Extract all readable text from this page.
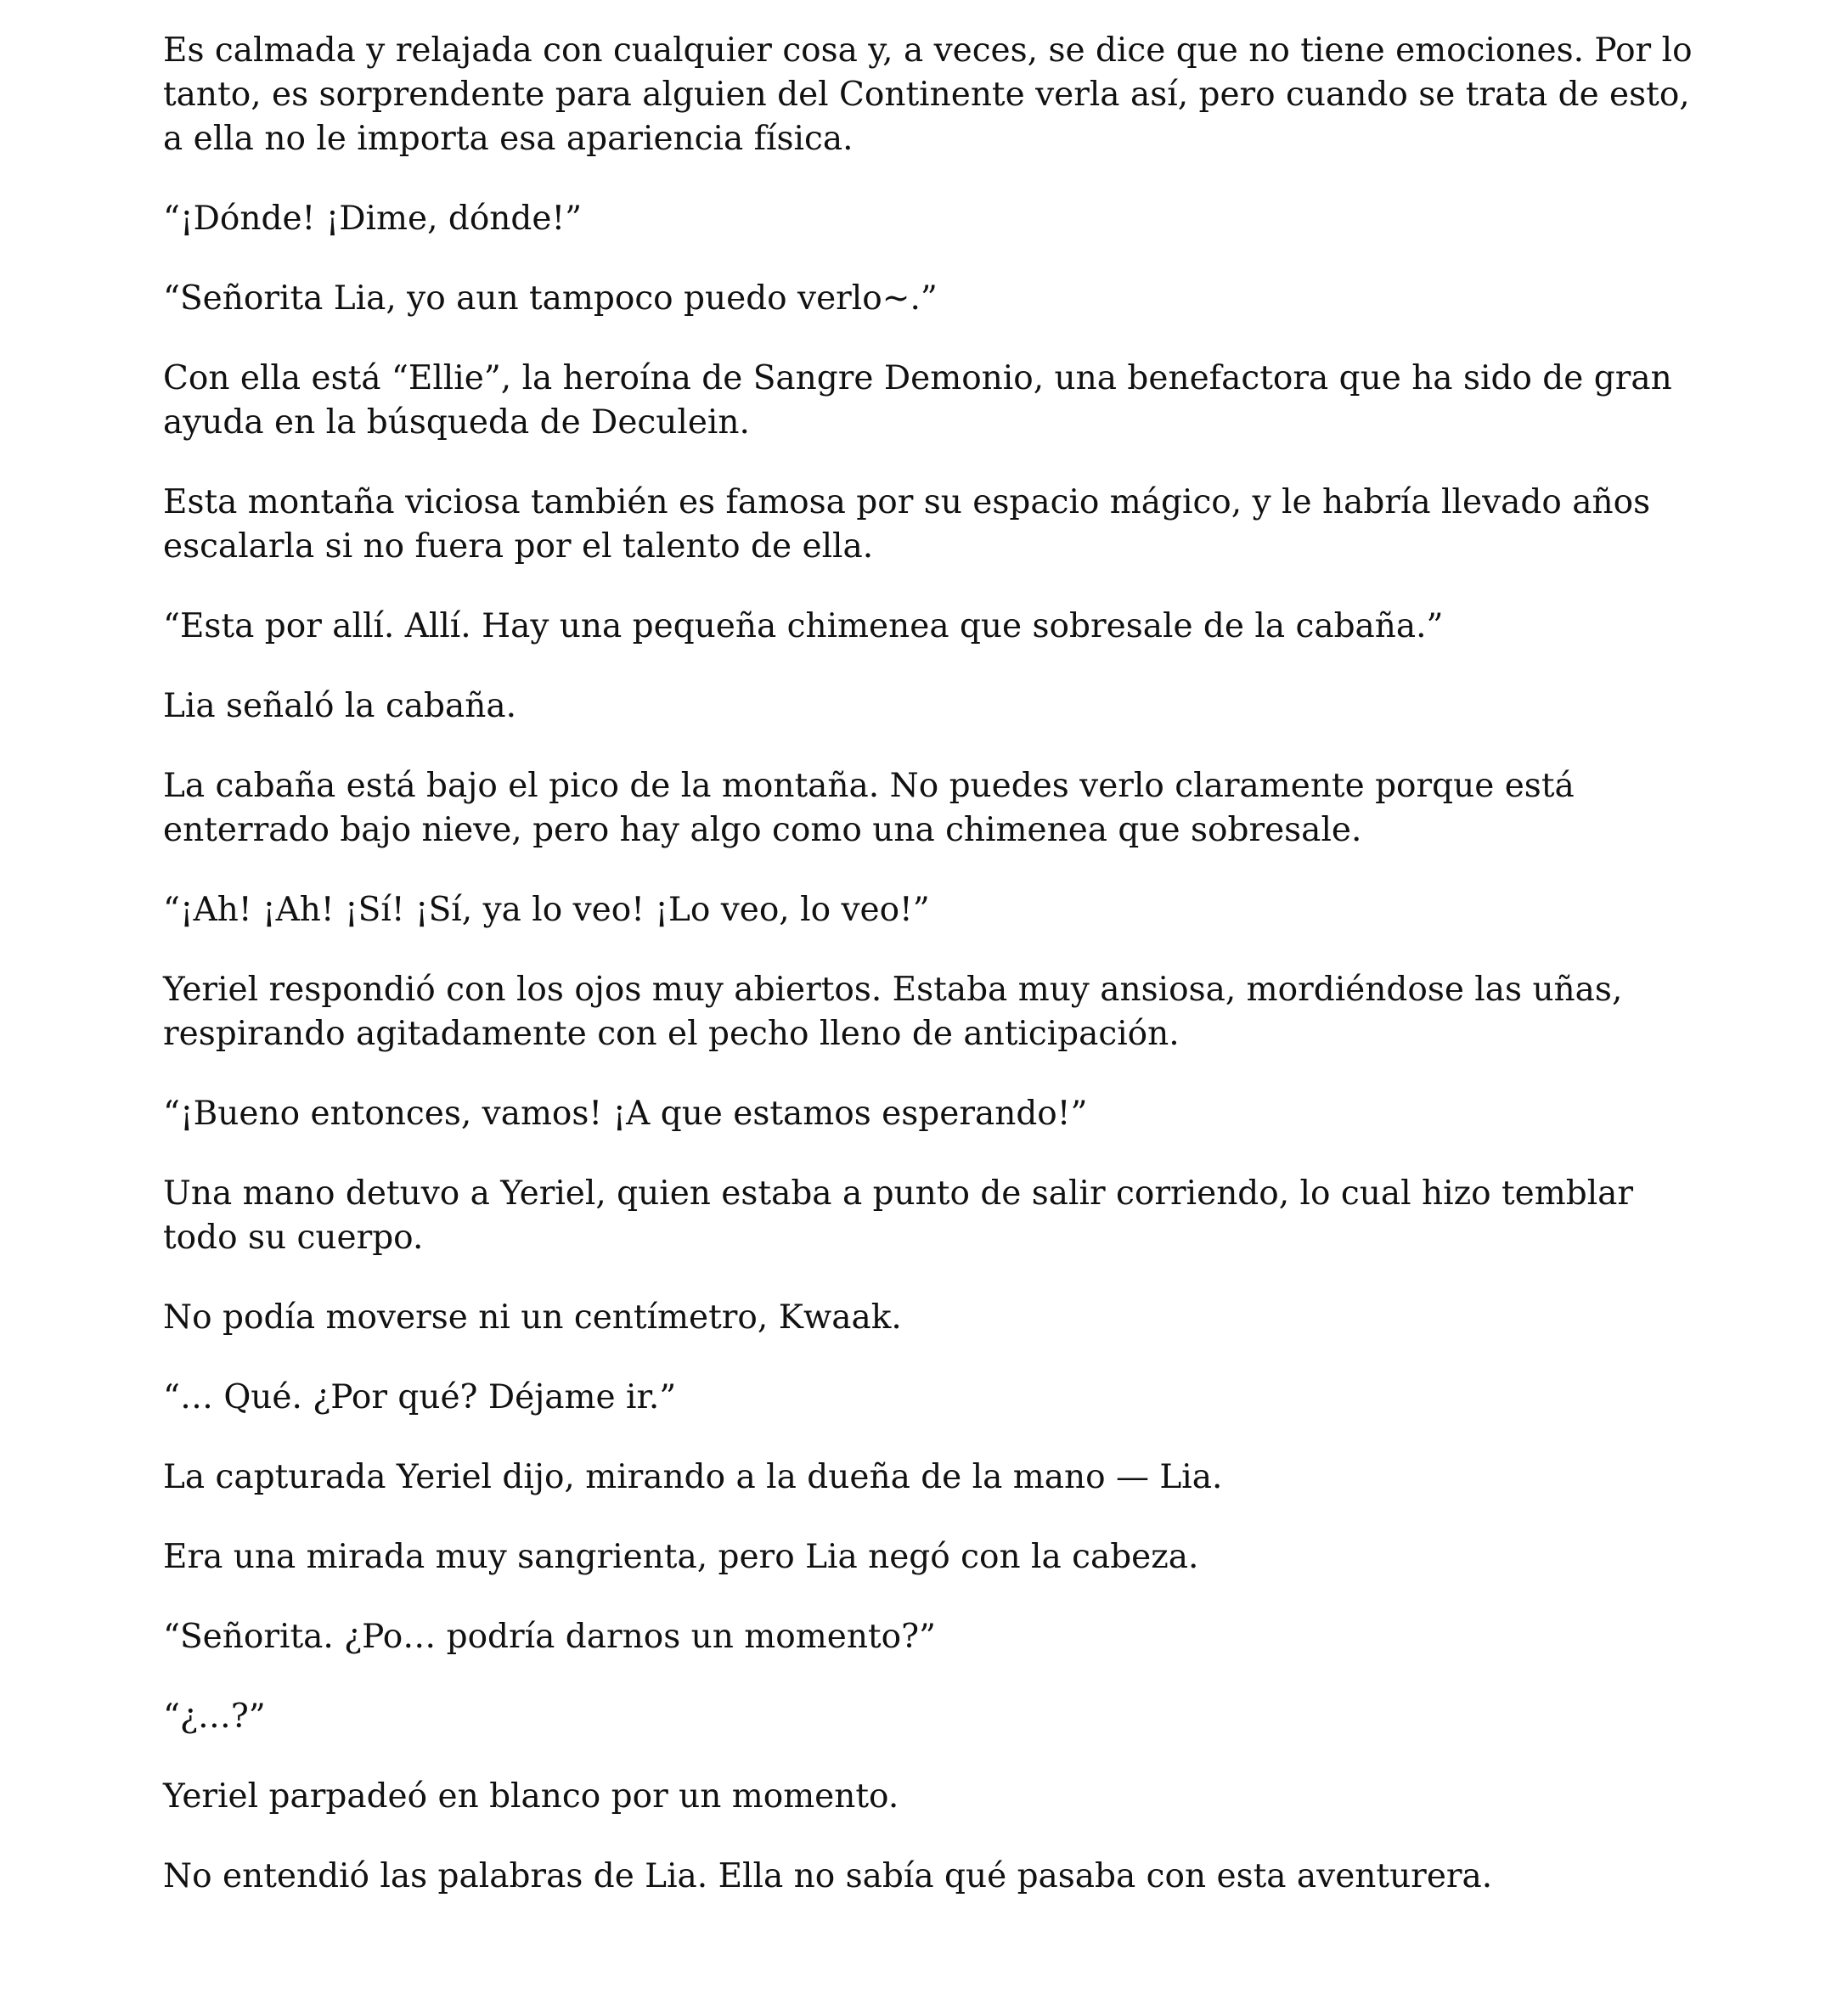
Es calmada y relajada con cualquier cosa y, a veces, se dice que no tiene emociones. Por lo tanto, es sorprendente para alguien del Continente verla así, pero cuando se trata de esto, a ella no le importa esa apariencia física.

“¡Dónde! ¡Dime, dónde!”

“Señorita Lia, yo aun tampoco puedo verlo~.”

Con ella está “Ellie”, la heroína de Sangre Demonio, una benefactora que ha sido de gran ayuda en la búsqueda de Deculein.

Esta montaña viciosa también es famosa por su espacio mágico, y le habría llevado años escalarla si no fuera por el talento de ella.

“Esta por allí. Allí. Hay una pequeña chimenea que sobresale de la cabaña.”

Lia señaló la cabaña.

La cabaña está bajo el pico de la montaña. No puedes verlo claramente porque está enterrado bajo nieve, pero hay algo como una chimenea que sobresale.

“¡Ah! ¡Ah! ¡Sí! ¡Sí, ya lo veo! ¡Lo veo, lo veo!”

Yeriel respondió con los ojos muy abiertos. Estaba muy ansiosa, mordiéndose las uñas, respirando agitadamente con el pecho lleno de anticipación.

“¡Bueno entonces, vamos! ¡A que estamos esperando!”

Una mano detuvo a Yeriel, quien estaba a punto de salir corriendo, lo cual hizo temblar todo su cuerpo.

No podía moverse ni un centímetro, Kwaak.

“… Qué. ¿Por qué? Déjame ir.”

La capturada Yeriel dijo, mirando a la dueña de la mano — Lia.

Era una mirada muy sangrienta, pero Lia negó con la cabeza.

“Señorita. ¿Po… podría darnos un momento?”

“¿…?”

Yeriel parpadeó en blanco por un momento.

No entendió las palabras de Lia. Ella no sabía qué pasaba con esta aventurera.
